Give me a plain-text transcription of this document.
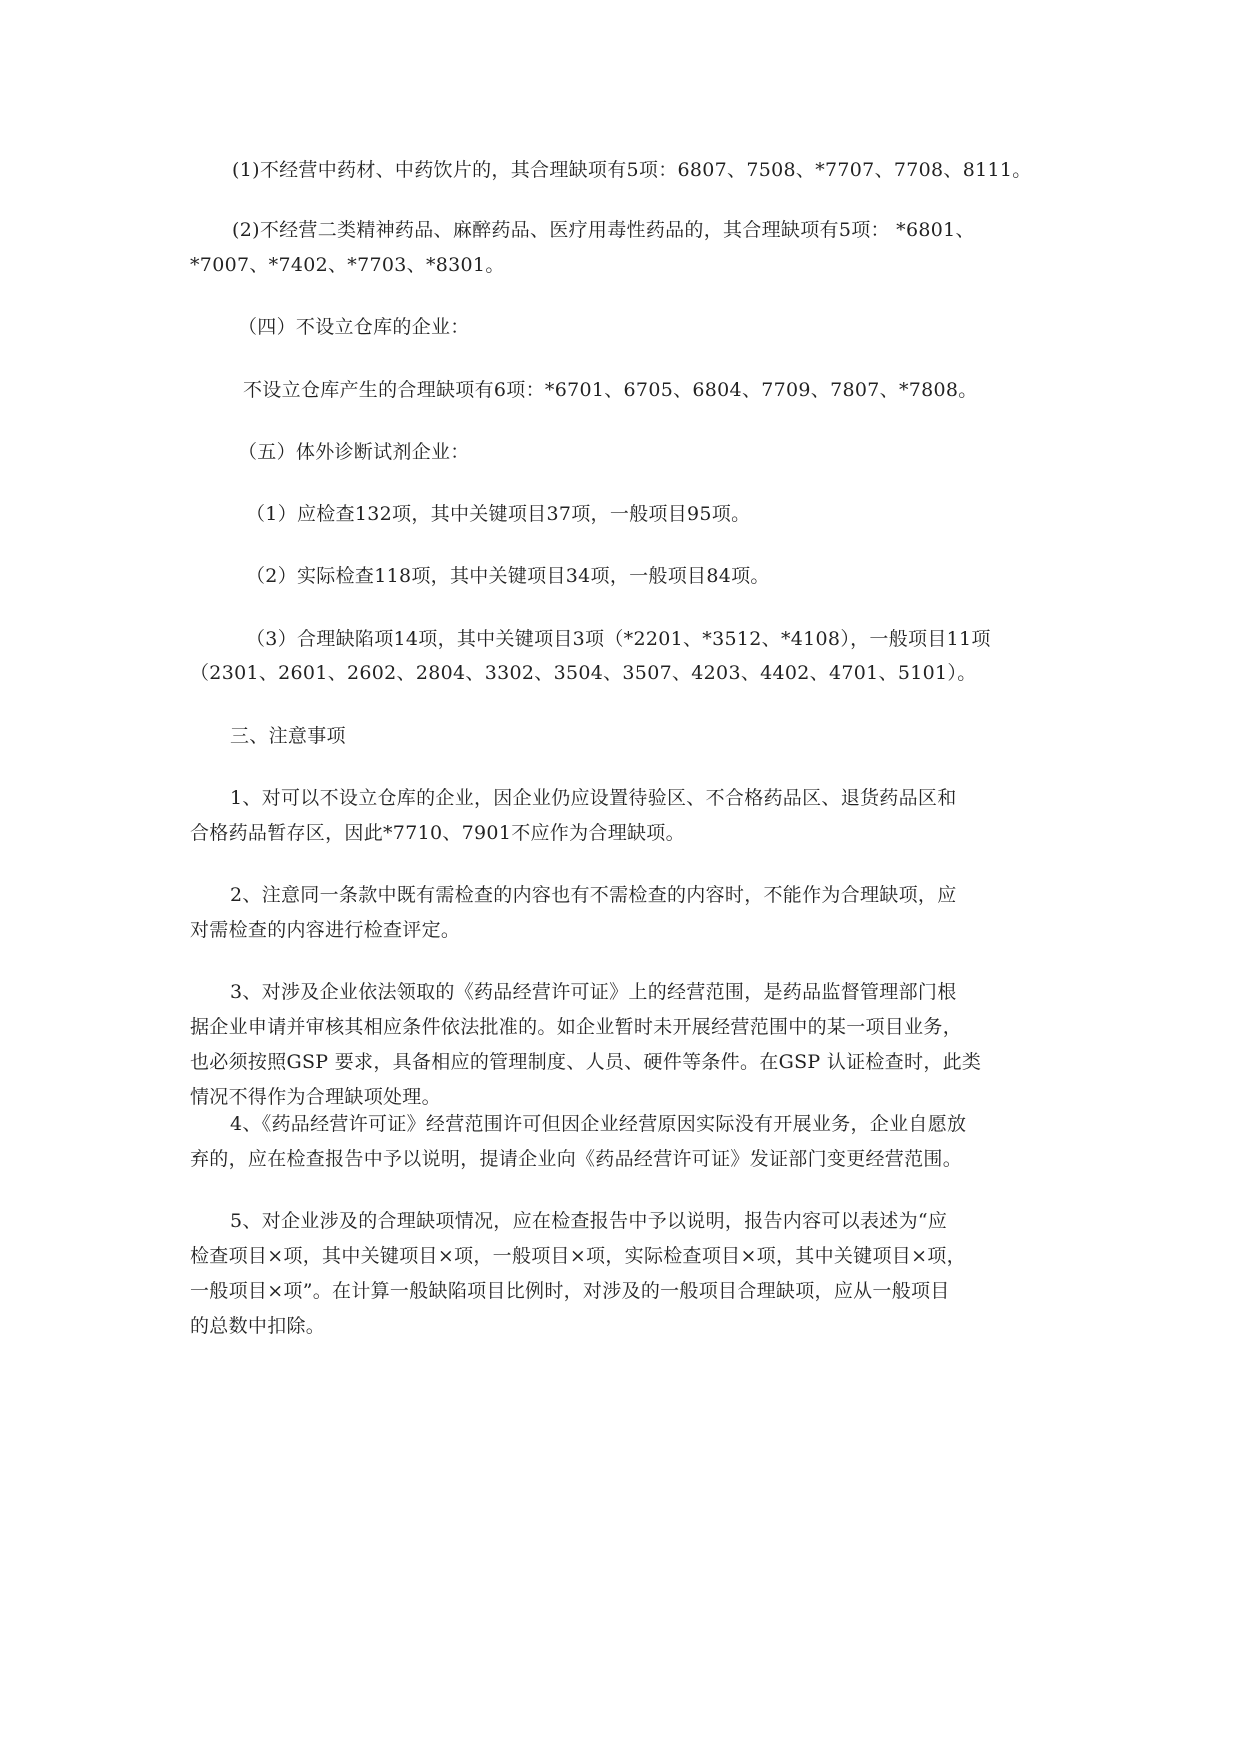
(1)不经营中药材、中药饮片的，其合理缺项有5项：6807、7508、*7707、7708、8111。
(2)不经营二类精神药品、麻醉药品、医疗用毒性药品的，其合理缺项有5项： *6801、
*7007、*7402、*7703、*8301。
（四）不设立仓库的企业：
不设立仓库产生的合理缺项有6项：*6701、6705、6804、7709、7807、*7808。
（五）体外诊断试剂企业：
（1）应检查132项，其中关键项目37项，一般项目95项。
（2）实际检查118项，其中关键项目34项，一般项目84项。
（3）合理缺陷项14项，其中关键项目3项（*2201、*3512、*4108），一般项目11项
（2301、2601、2602、2804、3302、3504、3507、4203、4402、4701、5101）。
三、注意事项
1、对可以不设立仓库的企业，因企业仍应设置待验区、不合格药品区、退货药品区和
合格药品暂存区，因此*7710、7901不应作为合理缺项。
2、注意同一条款中既有需检查的内容也有不需检查的内容时，不能作为合理缺项，应
对需检查的内容进行检查评定。
3、对涉及企业依法领取的《药品经营许可证》上的经营范围，是药品监督管理部门根
据企业申请并审核其相应条件依法批准的。如企业暂时未开展经营范围中的某一项目业务，
也必须按照GSP 要求，具备相应的管理制度、人员、硬件等条件。在GSP 认证检查时，此类
情况不得作为合理缺项处理。
4、《药品经营许可证》经营范围许可但因企业经营原因实际没有开展业务，企业自愿放
弃的，应在检查报告中予以说明，提请企业向《药品经营许可证》发证部门变更经营范围。
5、对企业涉及的合理缺项情况，应在检查报告中予以说明，报告内容可以表述为“应
检查项目×项，其中关键项目×项，一般项目×项，实际检查项目×项，其中关键项目×项，
一般项目×项”。在计算一般缺陷项目比例时，对涉及的一般项目合理缺项，应从一般项目
的总数中扣除。
